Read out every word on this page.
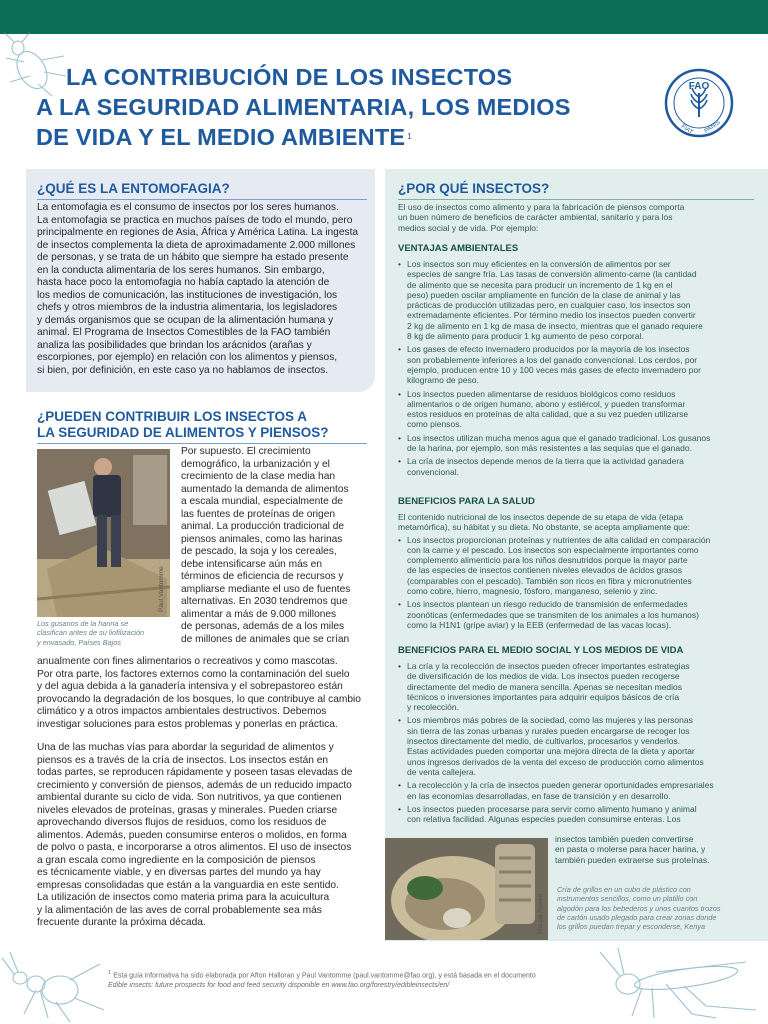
LA CONTRIBUCIÓN DE LOS INSECTOS
A LA SEGURIDAD ALIMENTARIA, LOS MEDIOS
DE VIDA Y EL MEDIO AMBIENTE $^1$
FAO
FIAT PANIS
¿QUÉ ES LA ENTOMOFAGIA?

La entomofagia es el consumo de insectos por los seres humanos.

La entomofagia se practica en muchos países de todo el mundo, pero

principalmente en regiones de Asia, África y América Latina. La ingesta

de insectos complementa la dieta de aproximadamente 2.000 millones

de personas, y se trata de un hábito que siempre ha estado presente

en la conducta alimentaria de los seres humanos. Sin embargo,

hasta hace poco la entomofagia no había captado la atención de

los medios de comunicación, las instituciones de investigación, los

chefs y otros miembros de la industria alimentaria, los legisladores

y demás organismos que se ocupan de la alimentación humana y

animal. El Programa de Insectos Comestibles de la FAO también

analiza las posibilidades que brindan los arácnidos (arañas y

escorpiones, por ejemplo) en relación con los alimentos y piensos,

si bien, por definición, en este caso ya no hablamos de insectos.

¿PUEDEN CONTRIBUIR LOS INSECTOS A
LA SEGURIDAD DE ALIMENTOS Y PIENSOS?
Paul Vantomme

Los gusanos de la harina se

clasifican antes de su liofilización

y envasado, Países Bajos

Por supuesto. El crecimiento

demográfico, la urbanización y el

crecimiento de la clase media han

aumentado la demanda de alimentos

a escala mundial, especialmente de

las fuentes de proteínas de origen

animal. La producción tradicional de

piensos animales, como las harinas

de pescado, la soja y los cereales,

debe intensificarse aún más en

términos de eficiencia de recursos y

ampliarse mediante el uso de fuentes

alternativas. En 2030 tendremos que

alimentar a más de 9.000 millones

de personas, además de a los miles

de millones de animales que se crían

anualmente con fines alimentarios o recreativos y como mascotas.

Por otra parte, los factores externos como la contaminación del suelo

y del agua debida a la ganadería intensiva y el sobrepastoreo están

provocando la degradación de los bosques, lo que contribuye al cambio

climático y a otros impactos ambientales destructivos. Debemos

investigar soluciones para estos problemas y ponerlas en práctica.

Una de las muchas vías para abordar la seguridad de alimentos y

piensos es a través de la cría de insectos. Los insectos están en

todas partes, se reproducen rápidamente y poseen tasas elevadas de

crecimiento y conversión de piensos, además de un reducido impacto

ambiental durante su ciclo de vida. Son nutritivos, ya que contienen

niveles elevados de proteínas, grasas y minerales. Pueden criarse

aprovechando diversos flujos de residuos, como los residuos de

alimentos. Además, pueden consumirse enteros o molidos, en forma

de polvo o pasta, e incorporarse a otros alimentos. El uso de insectos

a gran escala como ingrediente en la composición de piensos

es técnicamente viable, y en diversas partes del mundo ya hay

empresas consolidadas que están a la vanguardia en este sentido.

La utilización de insectos como materia prima para la acuicultura

y la alimentación de las aves de corral probablemente sea más

frecuente durante la próxima década.

¿POR QUÉ INSECTOS?

El uso de insectos como alimento y para la fabricación de piensos comporta

un buen número de beneficios de carácter ambiental, sanitario y para los

medios social y de vida. Por ejemplo:

VENTAJAS AMBIENTALES

• Los insectos son muy eficientes en la conversión de alimentos por ser

especies de sangre fría. Las tasas de conversión alimento-carne (la cantidad

de alimento que se necesita para producir un incremento de 1 kg en el

peso) pueden oscilar ampliamente en función de la clase de animal y las

prácticas de producción utilizadas pero, en cualquier caso, los insectos son

extremadamente eficientes. Por término medio los insectos pueden convertir

2 kg de alimento en 1 kg de masa de insecto, mientras que el ganado requiere

8 kg de alimento para producir 1 kg aumento de peso corporal.

• Los gases de efecto invernadero producidos por la mayoría de los insectos

son probablemente inferiores a los del ganado convencional. Los cerdos, por

ejemplo, producen entre 10 y 100 veces más gases de efecto invernadero por

kilogramo de peso.

• Los insectos pueden alimentarse de residuos biológicos como residuos

alimentarios o de origen humano, abono y estiércol, y pueden transformar

estos residuos en proteínas de alta calidad, que a su vez pueden utilizarse

como piensos.

• Los insectos utilizan mucha menos agua que el ganado tradicional. Los gusanos

de la harina, por ejemplo, son más resistentes a las sequías que el ganado.

• La cría de insectos depende menos de la tierra que la actividad ganadera

convencional.

BENEFICIOS PARA LA SALUD

El contenido nutricional de los insectos depende de su etapa de vida (etapa

metamórfica), su hábitat y su dieta. No obstante, se acepta ampliamente que:

• Los insectos proporcionan proteínas y nutrientes de alta calidad en comparación

con la carne y el pescado. Los insectos son especialmente importantes como

complemento alimenticio para los niños desnutridos porque la mayor parte

de las especies de insectos contienen niveles elevados de ácidos grasos

(comparables con el pescado). También son ricos en fibra y micronutrientes

como cobre, hierro, magnesio, fósforo, manganeso, selenio y zinc.

• Los insectos plantean un riesgo reducido de transmisión de enfermedades

zoonóticas (enfermedades que se transmiten de los animales a los humanos)

como la H1N1 (gripe aviar) y la EEB (enfermedad de las vacas locas).

BENEFICIOS PARA EL MEDIO SOCIAL Y LOS MEDIOS DE VIDA

• La cría y la recolección de insectos pueden ofrecer importantes estrategias

de diversificación de los medios de vida. Los insectos pueden recogerse

directamente del medio de manera sencilla. Apenas se necesitan medios

técnicos o inversiones importantes para adquirir equipos básicos de cría

y recolección.

• Los miembros más pobres de la sociedad, como las mujeres y las personas

sin tierra de las zonas urbanas y rurales pueden encargarse de recoger los

insectos directamente del medio, de cultivarlos, procesarlos y venderlos.

Estas actividades pueden comportar una mejora directa de la dieta y aportar

unos ingresos derivados de la venta del exceso de producción como alimentos

de venta callejera.

• La recolección y la cría de insectos pueden generar oportunidades empresariales

en las economías desarrolladas, en fase de transición y en desarrollo.

• Los insectos pueden procesarse para servir como alimento humano y animal

con relativa facilidad. Algunas especies pueden consumirse enteras. Los

insectos también pueden convertirse

en pasta o molerse para hacer harina, y

también pueden extraerse sus proteínas.

Marcel Ayieko

Cría de grillos en un cubo de plástico con

instrumentos sencillos, como un platillo con

algodón para los bebederos y unos cuantos trozos

de cartón usado plegado para crear zonas donde

los grillos puedan trepar y esconderse, Kenya

$^1$ Esta guía informativa ha sido elaborada por Afton Halloran y Paul Vantomme (paul.vantomme@fao.org), y está basada en el documento

Edible insects: future prospects for food and feed security disponible en www.fao.org/forestry/edibleinsects/en/
